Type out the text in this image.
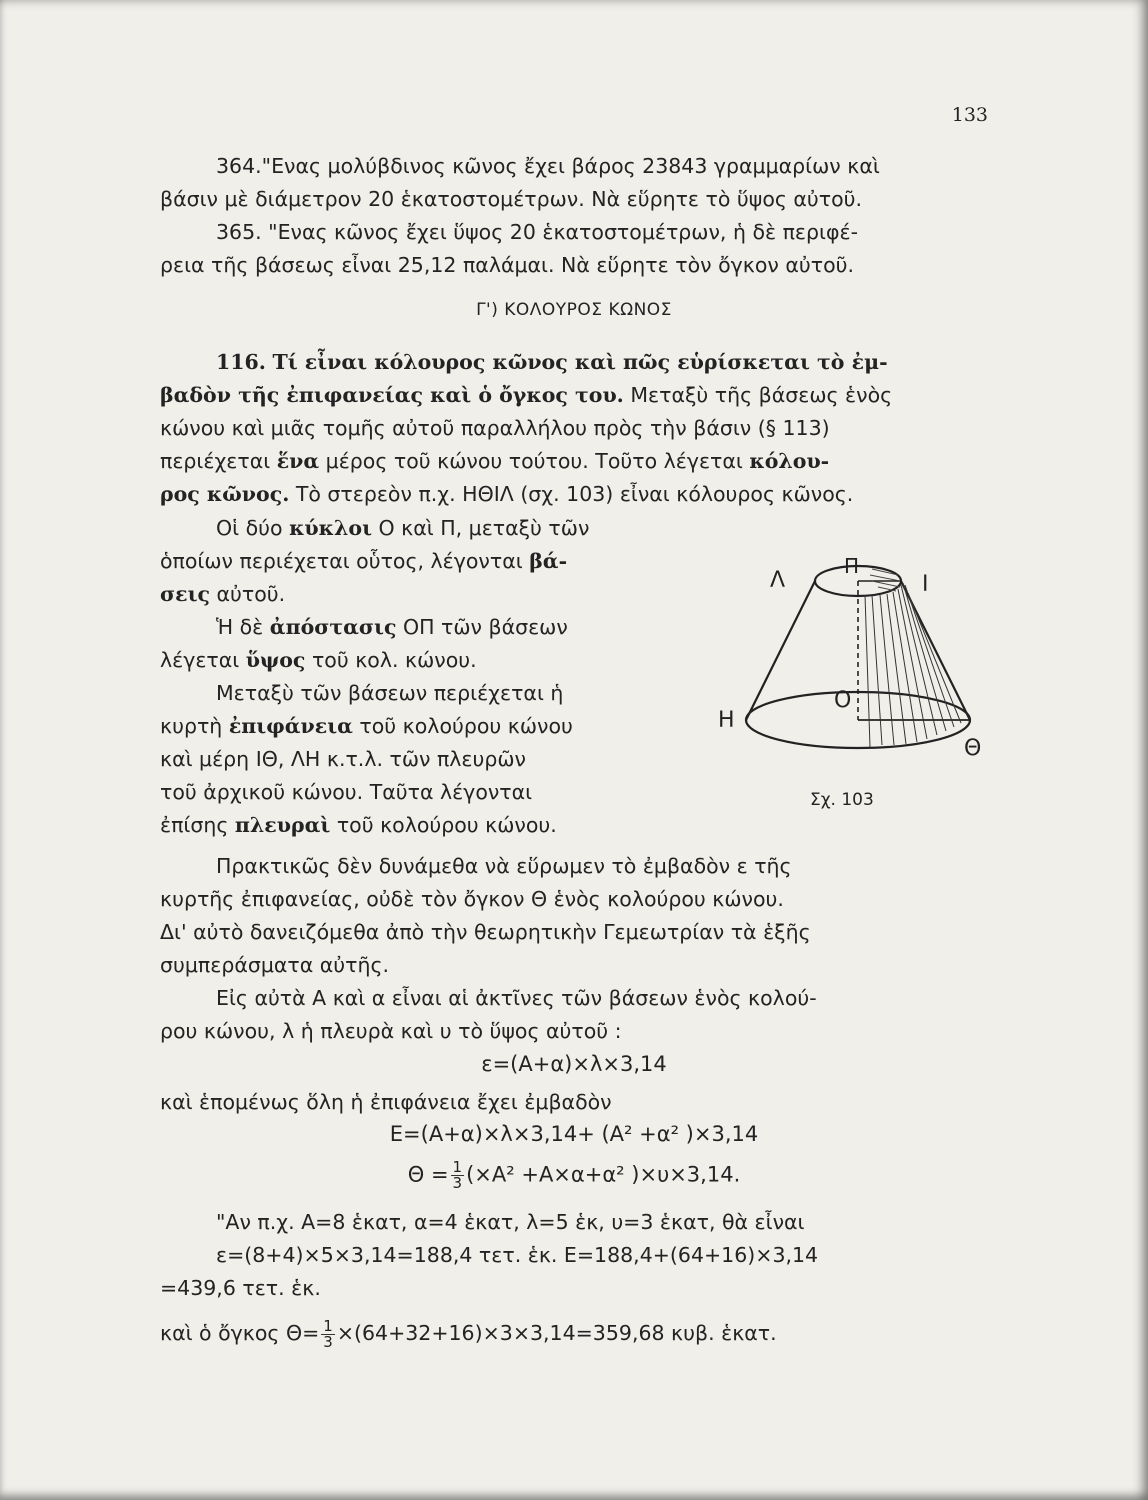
133

364."Ενας μολύβδινος κῶνος ἔχει βάρος 23843 γραμμαρίων καὶ

βάσιν μὲ διάμετρον 20 ἑκατοστομέτρων. Νὰ εὕρητε τὸ ὕψος αὐτοῦ.

365. "Ενας κῶνος ἔχει ὕψος 20 ἑκατοστομέτρων, ἡ δὲ περιφέ-

ρεια τῆς βάσεως εἶναι 25,12 παλάμαι. Νὰ εὕρητε τὸν ὄγκον αὐτοῦ.

Γ') ΚΟΛΟΥΡΟΣ ΚΩΝΟΣ

116. Τί εἶναι κόλουρος κῶνος καὶ πῶς εὑρίσκεται τὸ ἐμ-

βαδὸν τῆς ἐπιφανείας καὶ ὁ ὄγκος του. Μεταξὺ τῆς βάσεως ἑνὸς

κώνου καὶ μιᾶς τομῆς αὐτοῦ παραλλήλου πρὸς τὴν βάσιν (§ 113)

περιέχεται ἕνα μέρος τοῦ κώνου τούτου. Τοῦτο λέγεται κόλου-

ρος κῶνος. Τὸ στερεὸν π.χ. ΗΘΙΛ (σχ. 103) εἶναι κόλουρος κῶνος.

Οἱ δύο κύκλοι Ο καὶ Π, μεταξὺ τῶν

ὁποίων περιέχεται οὗτος, λέγονται βά-

σεις αὐτοῦ.

Ἡ δὲ ἀπόστασις ΟΠ τῶν βάσεων

λέγεται ὕψος τοῦ κολ. κώνου.

Μεταξὺ τῶν βάσεων περιέχεται ἡ

κυρτὴ ἐπιφάνεια τοῦ κολούρου κώνου

καὶ μέρη ΙΘ, ΛΗ κ.τ.λ. τῶν πλευρῶν

τοῦ ἀρχικοῦ κώνου. Ταῦτα λέγονται

ἐπίσης πλευραὶ τοῦ κολούρου κώνου.

Λ
Π
Ι
Ο
Η
Θ
Σχ. 103

Πρακτικῶς δὲν δυνάμεθα νὰ εὕρωμεν τὸ ἐμβαδὸν ε τῆς

κυρτῆς ἐπιφανείας, οὐδὲ τὸν ὄγκον Θ ἑνὸς κολούρου κώνου.

Δι' αὐτὸ δανειζόμεθα ἀπὸ τὴν θεωρητικὴν Γεμεωτρίαν τὰ ἑξῆς

συμπεράσματα αὐτῆς.

Εἰς αὐτὰ Α καὶ α εἶναι αἱ ἀκτῖνες τῶν βάσεων ἑνὸς κολού-

ρου κώνου, λ ἡ πλευρὰ καὶ υ τὸ ὕψος αὐτοῦ :

ε=(Α+α)×λ×3,14

καὶ ἑπομένως ὅλη ἡ ἐπιφάνεια ἔχει ἐμβαδὸν

Ε=(Α+α)×λ×3,14+ (Α² +α² )×3,14
$\Theta = \frac{1}{3} (\times A^2 +A\times\alpha+\alpha^2$ )×υ×3,14.

"Αν π.χ. Α=8 ἑκατ, α=4 ἑκατ, λ=5 ἑκ, υ=3 ἑκατ, θὰ εἶναι

ε=(8+4)×5×3,14=188,4 τετ. ἑκ. Ε=188,4+(64+16)×3,14

=439,6 τετ. ἑκ.

καὶ ὁ ὄγκος $\Theta= \frac{1}{3} \times(64+32+16)\times 3\times 3,14=359,68$ κυβ. ἑκατ.
